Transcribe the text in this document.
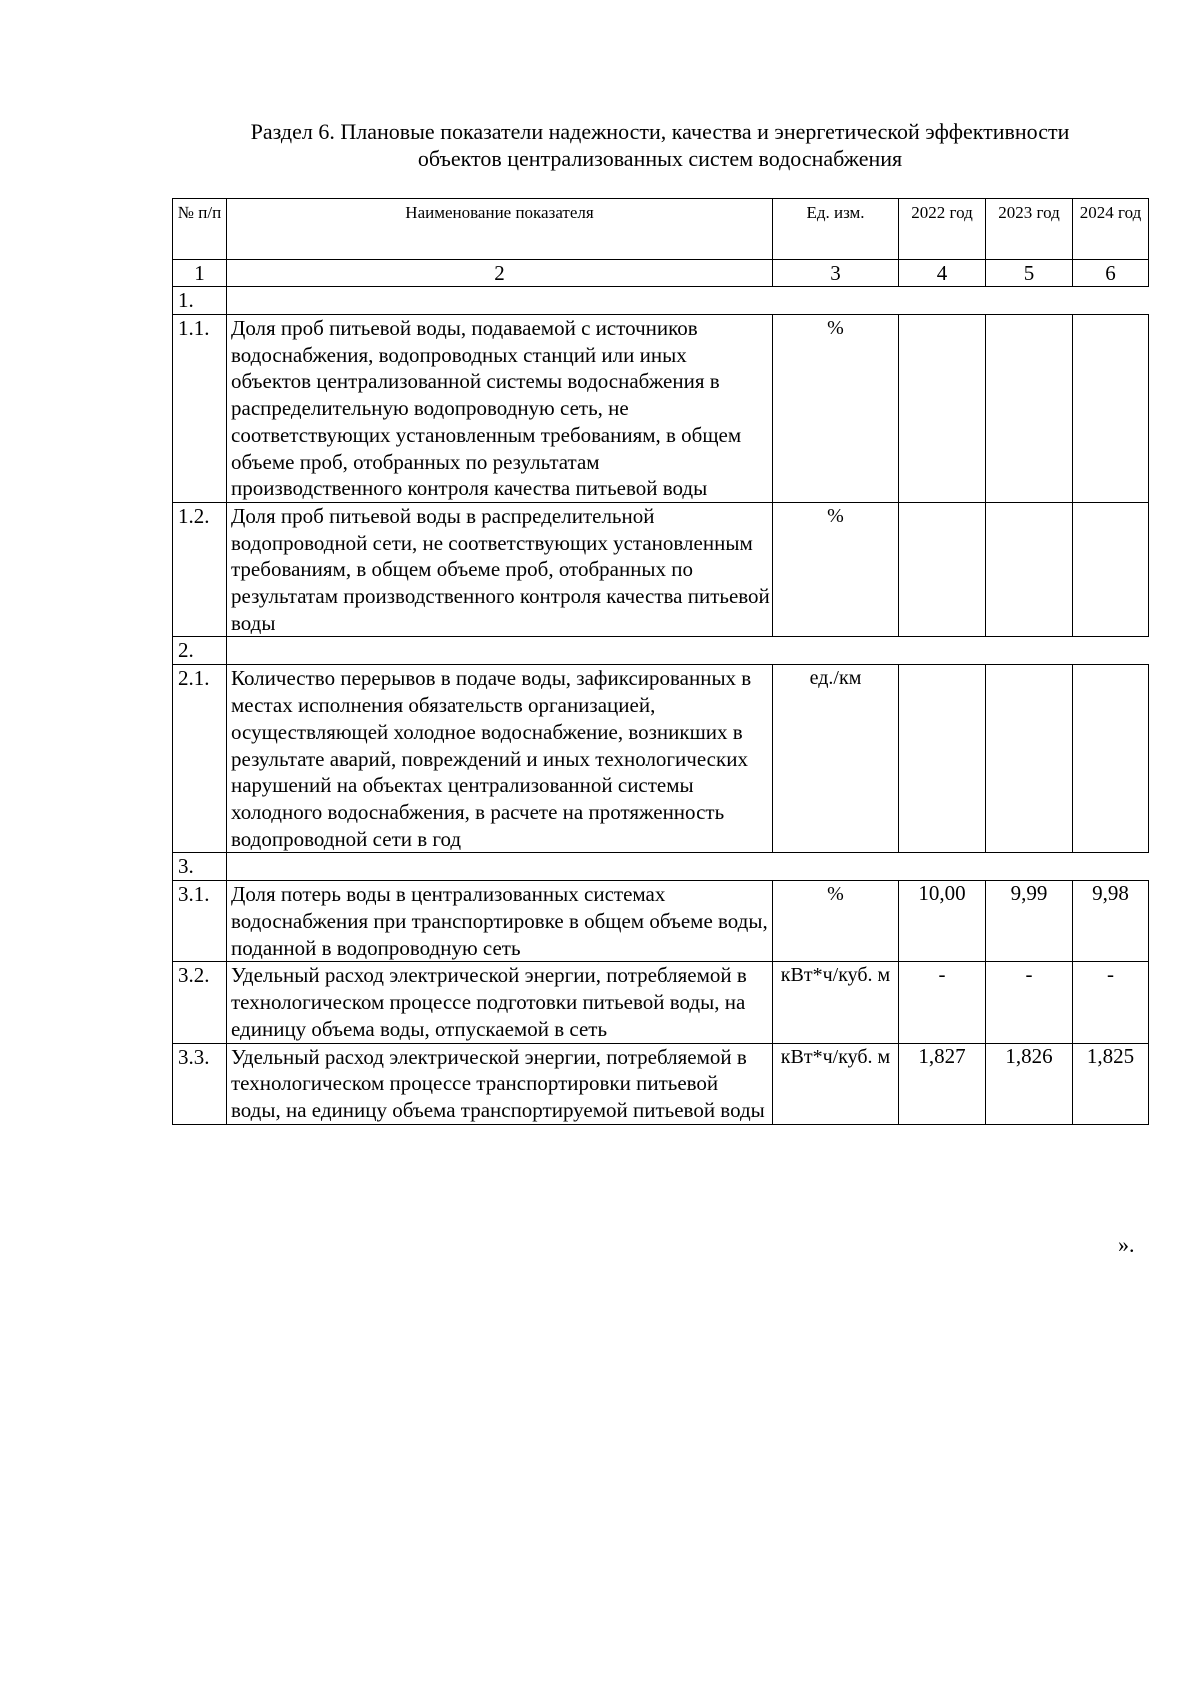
Раздел 6. Плановые показатели надежности, качества и энергетической эффективности
объектов централизованных систем водоснабжения
№ п/п	Наименование показателя	Ед. изм.	2022 год	2023 год	2024 год
1	2	3	4	5	6
1.					
1.1.	Доля проб питьевой воды, подаваемой с источников водоснабжения, водопроводных станций или иных объектов централизованной системы водоснабжения в распределительную водопроводную сеть, не соответствующих установленным требованиям, в общем объеме проб, отобранных по результатам производственного контроля качества питьевой воды	%			
1.2.	Доля проб питьевой воды в распределительной водопроводной сети, не соответствующих установленным требованиям, в общем объеме проб, отобранных по результатам производственного контроля качества питьевой воды	%			
2.					
2.1.	Количество перерывов в подаче воды, зафиксированных в местах исполнения обязательств организацией, осуществляющей холодное водоснабжение, возникших в результате аварий, повреждений и иных технологических нарушений на объектах централизованной системы холодного водоснабжения, в расчете на протяженность водопроводной сети в год	ед./км			
3.					
3.1.	Доля потерь воды в централизованных системах водоснабжения при транспортировке в общем объеме воды, поданной в водопроводную сеть	%	10,00	9,99	9,98
3.2.	Удельный расход электрической энергии, потребляемой в технологическом процессе подготовки питьевой воды, на единицу объема воды, отпускаемой в сеть	кВт*ч/куб. м	-	-	-
3.3.	Удельный расход электрической энергии, потребляемой в технологическом процессе транспортировки питьевой воды, на единицу объема транспортируемой питьевой воды	кВт*ч/куб. м	1,827	1,826	1,825
».
